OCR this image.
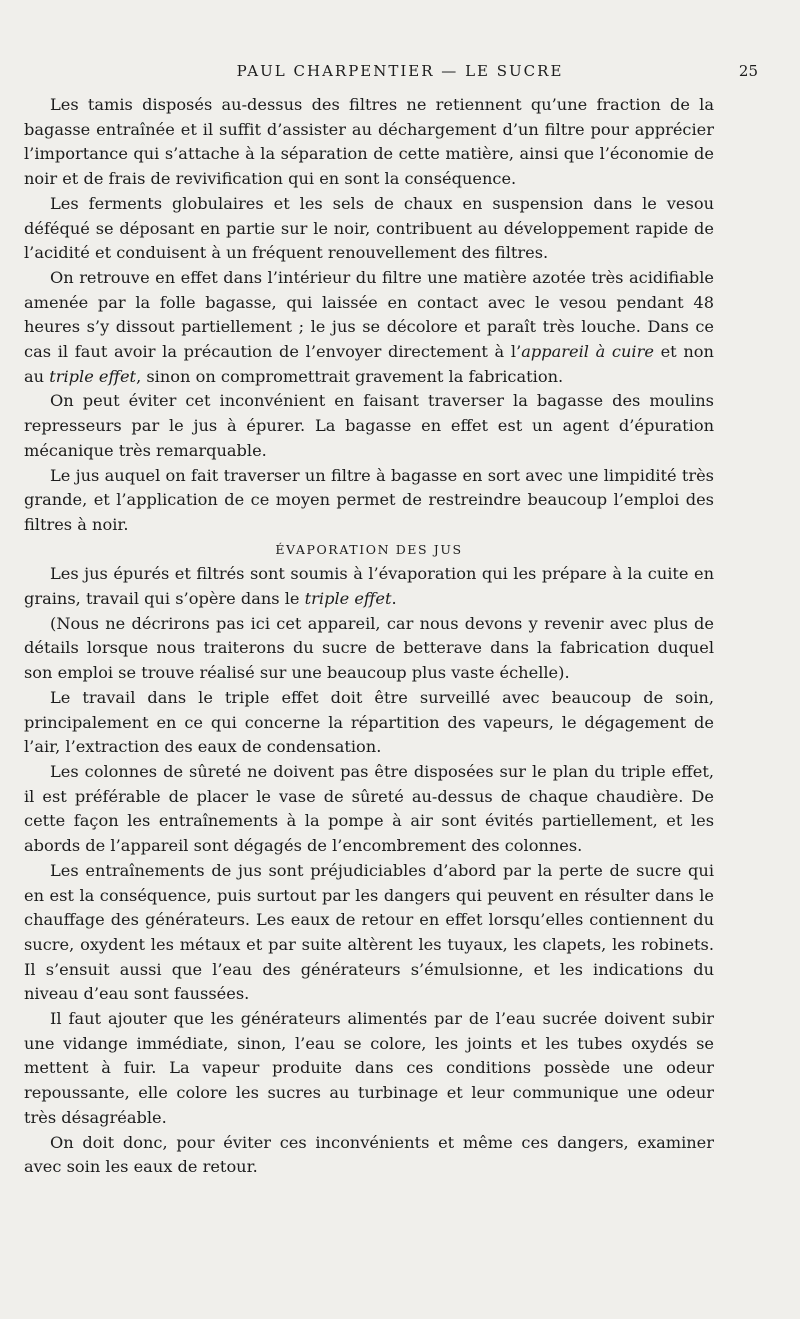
PAUL CHARPENTIER — LE SUCRE	25

Les tamis disposés au-dessus des filtres ne retiennent qu’une fraction de la bagasse entraînée et il suffit d’assister au déchargement d’un filtre pour apprécier l’importance qui s’attache à la séparation de cette matière, ainsi que l’économie de noir et de frais de revivification qui en sont la conséquence.

Les ferments globulaires et les sels de chaux en suspension dans le vesou déféqué se déposant en partie sur le noir, contribuent au développement rapide de l’acidité et conduisent à un fréquent renouvellement des filtres.

On retrouve en effet dans l’intérieur du filtre une matière azotée très acidifiable amenée par la folle bagasse, qui laissée en contact avec le vesou pendant 48 heures s’y dissout partiellement ; le jus se décolore et paraît très louche. Dans ce cas il faut avoir la précaution de l’envoyer directement à l’appareil à cuire et non au triple effet, sinon on compromettrait gravement la fabrication.

On peut éviter cet inconvénient en faisant traverser la bagasse des moulins represseurs par le jus à épurer. La bagasse en effet est un agent d’épuration mécanique très remarquable.

Le jus auquel on fait traverser un filtre à bagasse en sort avec une limpidité très grande, et l’application de ce moyen permet de restreindre beaucoup l’emploi des filtres à noir.

ÉVAPORATION DES JUS

Les jus épurés et filtrés sont soumis à l’évaporation qui les prépare à la cuite en grains, travail qui s’opère dans le triple effet.

(Nous ne décrirons pas ici cet appareil, car nous devons y revenir avec plus de détails lorsque nous traiterons du sucre de betterave dans la fabrication duquel son emploi se trouve réalisé sur une beaucoup plus vaste échelle).

Le travail dans le triple effet doit être surveillé avec beaucoup de soin, principalement en ce qui concerne la répartition des vapeurs, le dégagement de l’air, l’extraction des eaux de condensation.

Les colonnes de sûreté ne doivent pas être disposées sur le plan du triple effet, il est préférable de placer le vase de sûreté au-dessus de chaque chaudière. De cette façon les entraînements à la pompe à air sont évités partiellement, et les abords de l’appareil sont dégagés de l’encombrement des colonnes.

Les entraînements de jus sont préjudiciables d’abord par la perte de sucre qui en est la conséquence, puis surtout par les dangers qui peuvent en résulter dans le chauffage des générateurs. Les eaux de retour en effet lorsqu’elles contiennent du sucre, oxydent les métaux et par suite altèrent les tuyaux, les clapets, les robinets. Il s’ensuit aussi que l’eau des générateurs s’émulsionne, et les indications du niveau d’eau sont faussées.

Il faut ajouter que les générateurs alimentés par de l’eau sucrée doivent subir une vidange immédiate, sinon, l’eau se colore, les joints et les tubes oxydés se mettent à fuir. La vapeur produite dans ces conditions possède une odeur repoussante, elle colore les sucres au turbinage et leur communique une odeur très désagréable.

On doit donc, pour éviter ces inconvénients et même ces dangers, examiner avec soin les eaux de retour.
